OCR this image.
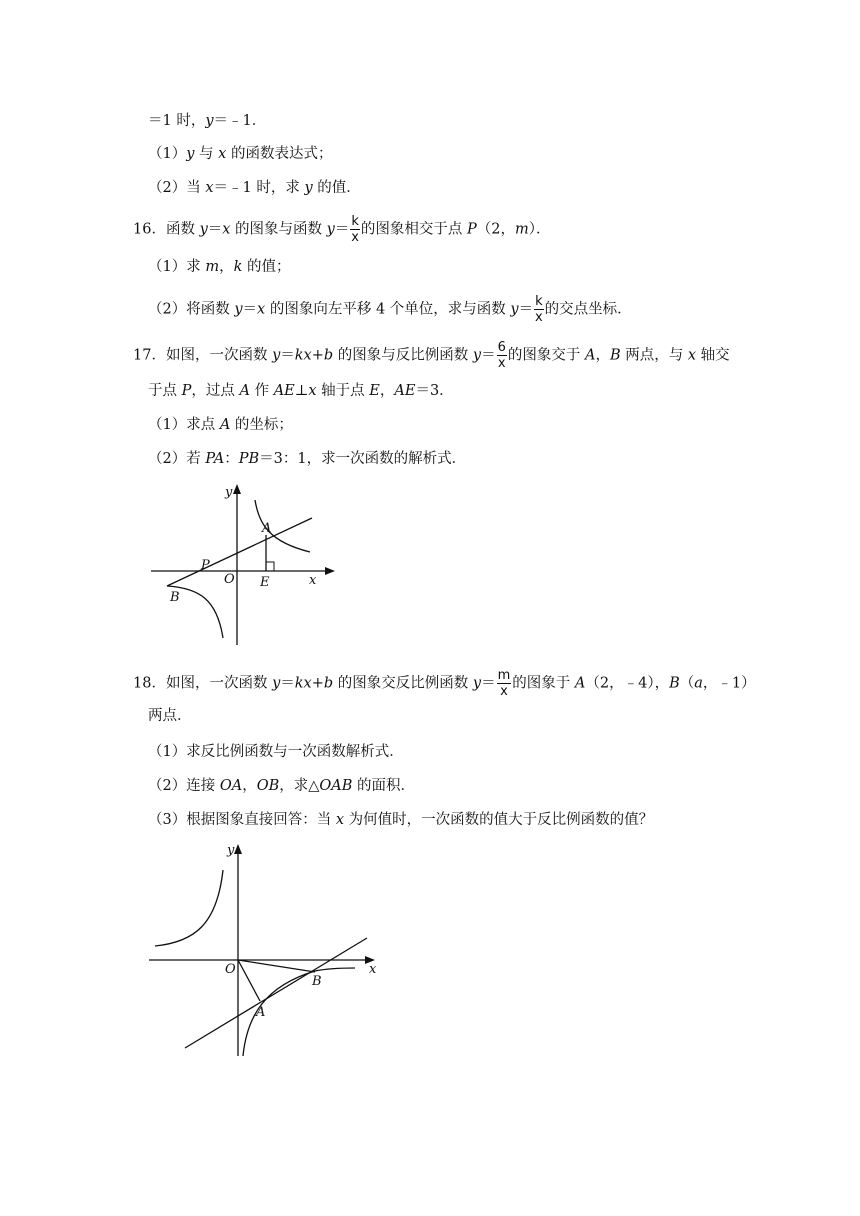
＝1 时，y＝﹣1．
（1）y 与 x 的函数表达式；
（2）当 x＝﹣1 时，求 y 的值．
16．函数 y＝x 的图象与函数 $y= \frac{k}{x}$ 的图象相交于点 P（2，m）．
（1）求 m，k 的值；
（2）将函数 y＝x 的图象向左平移 4 个单位，求与函数 $y= \frac{k}{x}$ 的交点坐标．
17．如图，一次函数 y＝kx+b 的图象与反比例函数 $y= \frac{6}{x}$ 的图象交于 A，B 两点，与 x 轴交
于点 P，过点 A 作 AE⊥x 轴于点 E，AE＝3．
（1）求点 A 的坐标；
（2）若 PA：PB＝3：1，求一次函数的解析式．
y
x
A
P
O E
B
18．如图，一次函数 y＝kx+b 的图象交反比例函数 $y= \frac{m}{x}$ 的图象于 A（2，﹣4），B（a，﹣1）
两点．
（1）求反比例函数与一次函数解析式．
（2）连接 OA，OB，求△OAB 的面积．
（3）根据图象直接回答：当 x 为何值时，一次函数的值大于反比例函数的值？
y
x
O
B
A
